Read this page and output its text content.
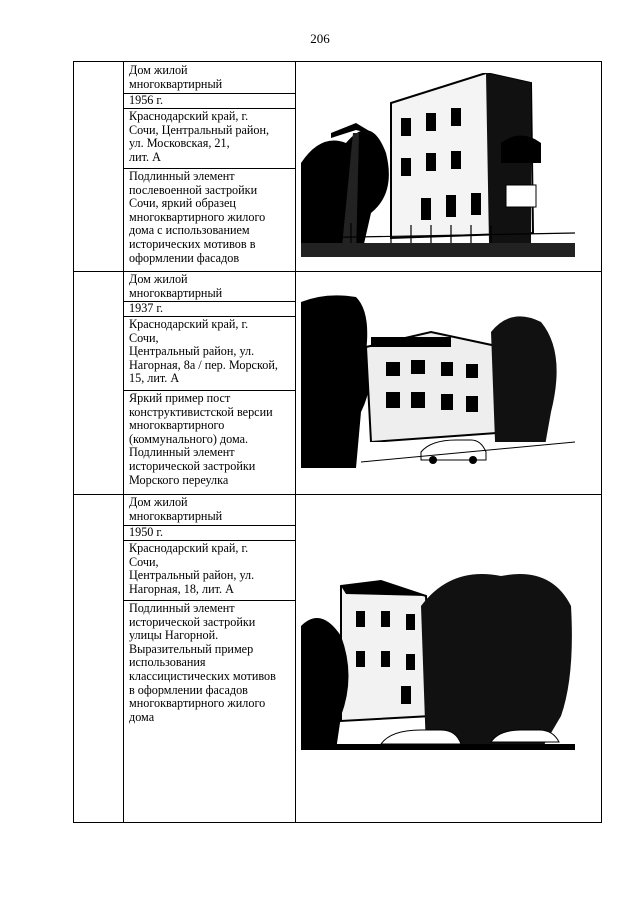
206
Дом жилой
многоквартирный
1956 г.
Краснодарский край, г.
Сочи, Центральный район,
ул. Московская, 21,
лит. А
Подлинный элемент
послевоенной застройки
Сочи, яркий образец
многоквартирного жилого
дома с использованием
исторических мотивов в
оформлении фасадов
Дом жилой
многоквартирный
1937 г.
Краснодарский край, г.
Сочи,
Центральный район, ул.
Нагорная, 8а / пер. Морской,
15, лит. А
Яркий пример пост
конструктивистской версии
многоквартирного
(коммунального) дома.
Подлинный элемент
исторической застройки
Морского переулка
Дом жилой
многоквартирный
1950 г.
Краснодарский край, г.
Сочи,
Центральный район, ул.
Нагорная, 18, лит. А
Подлинный элемент
исторической застройки
улицы Нагорной.
Выразительный пример
использования
классицистических мотивов
в оформлении фасадов
многоквартирного жилого
дома
